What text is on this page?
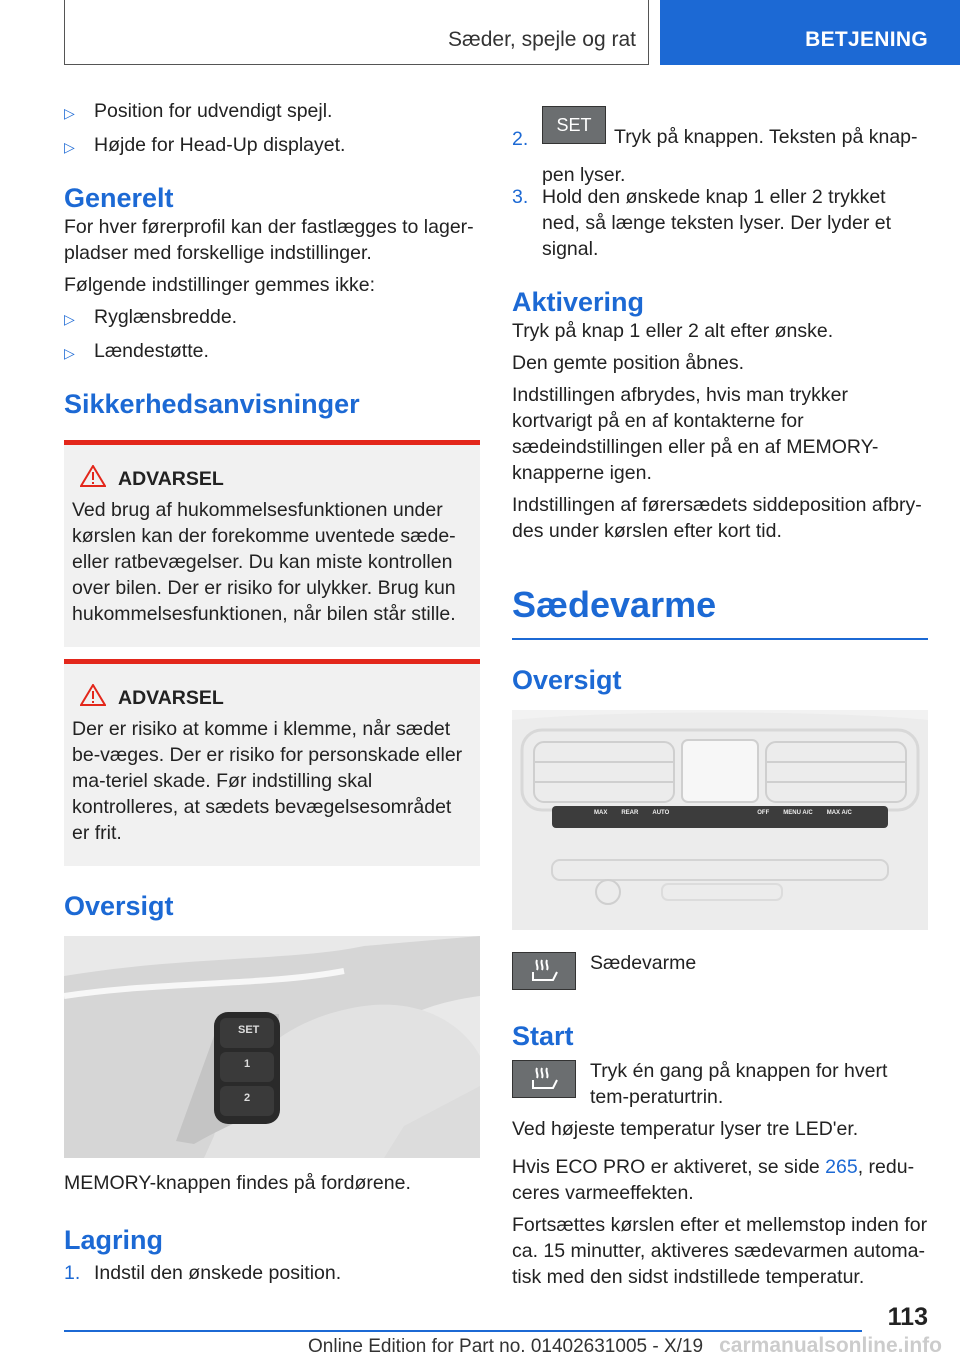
Sæder, spejle og rat	BETJENING
▷ Position for udvendigt spejl.
▷ Højde for Head-Up displayet.
Generelt

For hver førerprofil kan der fastlægges to lager-pladser med forskellige indstillinger.

Følgende indstillinger gemmes ikke:

▷ Ryglænsbredde.
▷ Lændestøtte.
Sikkerhedsanvisninger
ADVARSEL

Ved brug af hukommelsesfunktionen under kørslen kan der forekomme uventede sæde- eller ratbevægelser. Du kan miste kontrollen over bilen. Der er risiko for ulykker. Brug kun hukommelsesfunktionen, når bilen står stille.

ADVARSEL

Der er risiko at komme i klemme, når sædet be-væges. Der er risiko for personskade eller ma-teriel skade. Før indstilling skal kontrolleres, at sædets bevægelsesområdet er frit.

Oversigt
SET
1
2

MEMORY-knappen findes på fordørene.

Lagring
1. Indstil den ønskede position.
2.
SET
Tryk på knappen. Teksten på knap-pen lyser.
3. Hold den ønskede knap 1 eller 2 trykket ned, så længe teksten lyser. Der lyder et signal.
Aktivering

Tryk på knap 1 eller 2 alt efter ønske.

Den gemte position åbnes.

Indstillingen afbrydes, hvis man trykker kortvarigt på en af kontakterne for sædeindstillingen eller på en af MEMORY-knapperne igen.

Indstillingen af førersædets siddeposition afbry-des under kørslen efter kort tid.

Sædevarme
Oversigt
MAX REAR AUTO	OFF MENU A/C MAX A/C
Sædevarme
Start

Tryk én gang på knappen for hvert tem-peraturtrin.

Ved højeste temperatur lyser tre LED'er.

Hvis ECO PRO er aktiveret, se side 265, redu-ceres varmeeffekten.

Fortsættes kørslen efter et mellemstop inden for ca. 15 minutter, aktiveres sædevarmen automa-tisk med den sidst indstillede temperatur.

113
Online Edition for Part no. 01402631005 - X/19 carmanualsonline.info
